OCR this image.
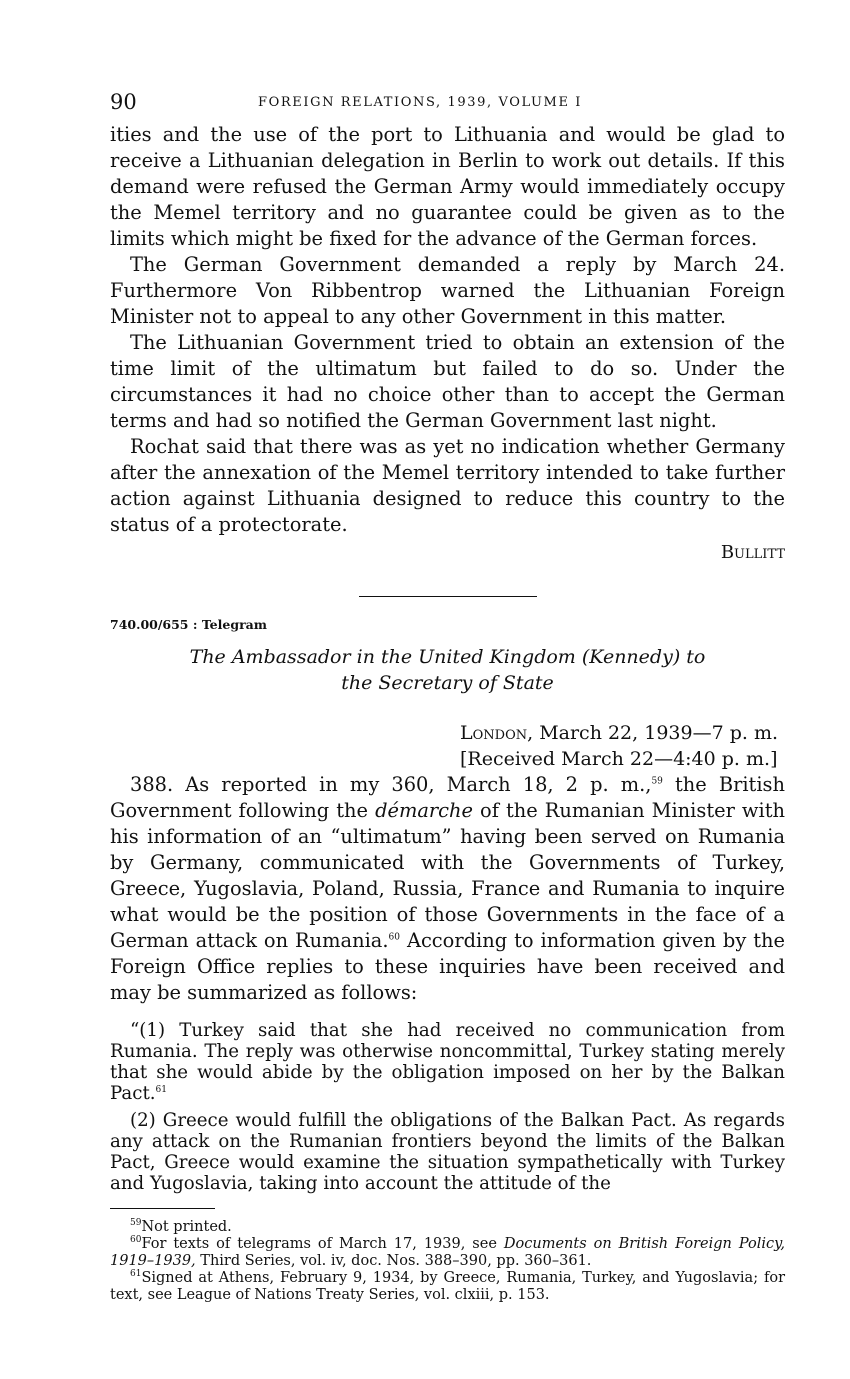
90	FOREIGN RELATIONS, 1939, VOLUME I

ities and the use of the port to Lithuania and would be glad to receive a Lithuanian delegation in Berlin to work out details. If this demand were refused the German Army would immediately occupy the Memel territory and no guarantee could be given as to the limits which might be fixed for the advance of the German forces.

The German Government demanded a reply by March 24. Furthermore Von Ribbentrop warned the Lithuanian Foreign Minister not to appeal to any other Government in this matter.

The Lithuanian Government tried to obtain an extension of the time limit of the ultimatum but failed to do so. Under the circumstances it had no choice other than to accept the German terms and had so notified the German Government last night.

Rochat said that there was as yet no indication whether Germany after the annexation of the Memel territory intended to take further action against Lithuania designed to reduce this country to the status of a protectorate.

Bullitt
740.00/655 : Telegram
The Ambassador in the United Kingdom (Kennedy) to
the Secretary of State
London, March 22, 1939—7 p. m.
[Received March 22—4:40 p. m.]

388. As reported in my 360, March 18, 2 p. m.,$^{59}$ the British Government following the démarche of the Rumanian Minister with his information of an “ultimatum” having been served on Rumania by Germany, communicated with the Governments of Turkey, Greece, Yugoslavia, Poland, Russia, France and Rumania to inquire what would be the position of those Governments in the face of a German attack on Rumania.$^{60}$ According to information given by the Foreign Office replies to these inquiries have been received and may be summarized as follows:

“(1) Turkey said that she had received no communication from Rumania. The reply was otherwise noncommittal, Turkey stating merely that she would abide by the obligation imposed on her by the Balkan Pact.$^{61}$

(2) Greece would fulfill the obligations of the Balkan Pact. As regards any attack on the Rumanian frontiers beyond the limits of the Balkan Pact, Greece would examine the situation sympathetically with Turkey and Yugoslavia, taking into account the attitude of the

$^{59}$Not printed.

$^{60}$For texts of telegrams of March 17, 1939, see Documents on British Foreign Policy, 1919–1939, Third Series, vol. iv, doc. Nos. 388–390, pp. 360–361.

$^{61}$Signed at Athens, February 9, 1934, by Greece, Rumania, Turkey, and Yugoslavia; for text, see League of Nations Treaty Series, vol. clxiii, p. 153.
